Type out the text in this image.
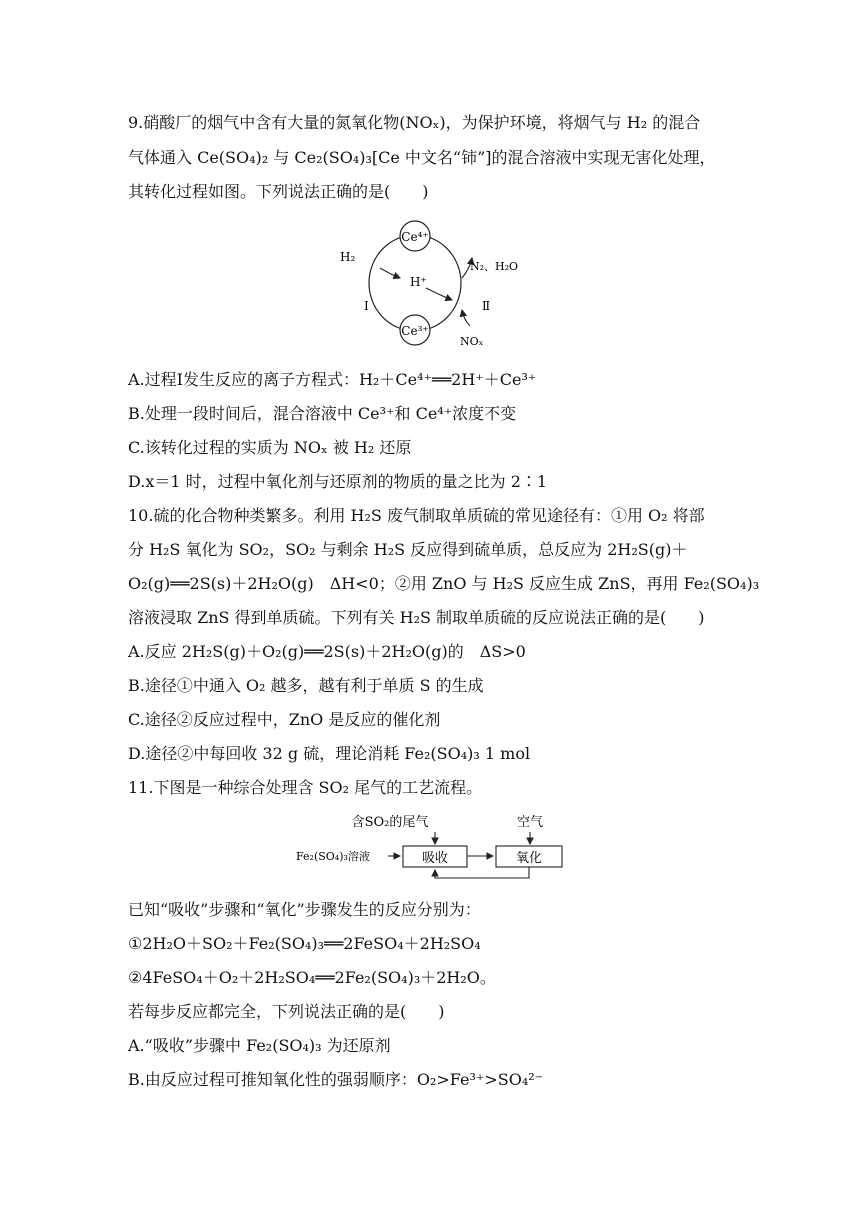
9.硝酸厂的烟气中含有大量的氮氧化物(NOₓ)，为保护环境，将烟气与 H₂ 的混合
气体通入 Ce(SO₄)₂ 与 Ce₂(SO₄)₃[Ce 中文名“铈”]的混合溶液中实现无害化处理，
其转化过程如图。下列说法正确的是(　　)
Ce⁴⁺
Ce³⁺
H₂
H⁺
Ⅰ	Ⅱ
N₂、H₂O
NOₓ
A.过程Ⅰ发生反应的离子方程式：H₂＋Ce⁴⁺══2H⁺＋Ce³⁺
B.处理一段时间后，混合溶液中 Ce³⁺和 Ce⁴⁺浓度不变
C.该转化过程的实质为 NOₓ 被 H₂ 还原
D.x＝1 时，过程中氧化剂与还原剂的物质的量之比为 2∶1
10.硫的化合物种类繁多。利用 H₂S 废气制取单质硫的常见途径有：①用 O₂ 将部
分 H₂S 氧化为 SO₂，SO₂ 与剩余 H₂S 反应得到硫单质，总反应为 2H₂S(g)＋
O₂(g)══2S(s)＋2H₂O(g)　ΔH<0；②用 ZnO 与 H₂S 反应生成 ZnS，再用 Fe₂(SO₄)₃
溶液浸取 ZnS 得到单质硫。下列有关 H₂S 制取单质硫的反应说法正确的是(　　)
A.反应 2H₂S(g)＋O₂(g)══2S(s)＋2H₂O(g)的　ΔS>0
B.途径①中通入 O₂ 越多，越有利于单质 S 的生成
C.途径②反应过程中，ZnO 是反应的催化剂
D.途径②中每回收 32 g 硫，理论消耗 Fe₂(SO₄)₃ 1 mol
11.下图是一种综合处理含 SO₂ 尾气的工艺流程。
含SO₂的尾气	空气
Fe₂(SO₄)₃溶液	吸收	氧化
已知“吸收”步骤和“氧化”步骤发生的反应分别为：
①2H₂O＋SO₂＋Fe₂(SO₄)₃══2FeSO₄＋2H₂SO₄
②4FeSO₄＋O₂＋2H₂SO₄══2Fe₂(SO₄)₃＋2H₂O。
若每步反应都完全，下列说法正确的是(　　)
A.“吸收”步骤中 Fe₂(SO₄)₃ 为还原剂
B.由反应过程可推知氧化性的强弱顺序：O₂>Fe³⁺>SO₄²⁻
